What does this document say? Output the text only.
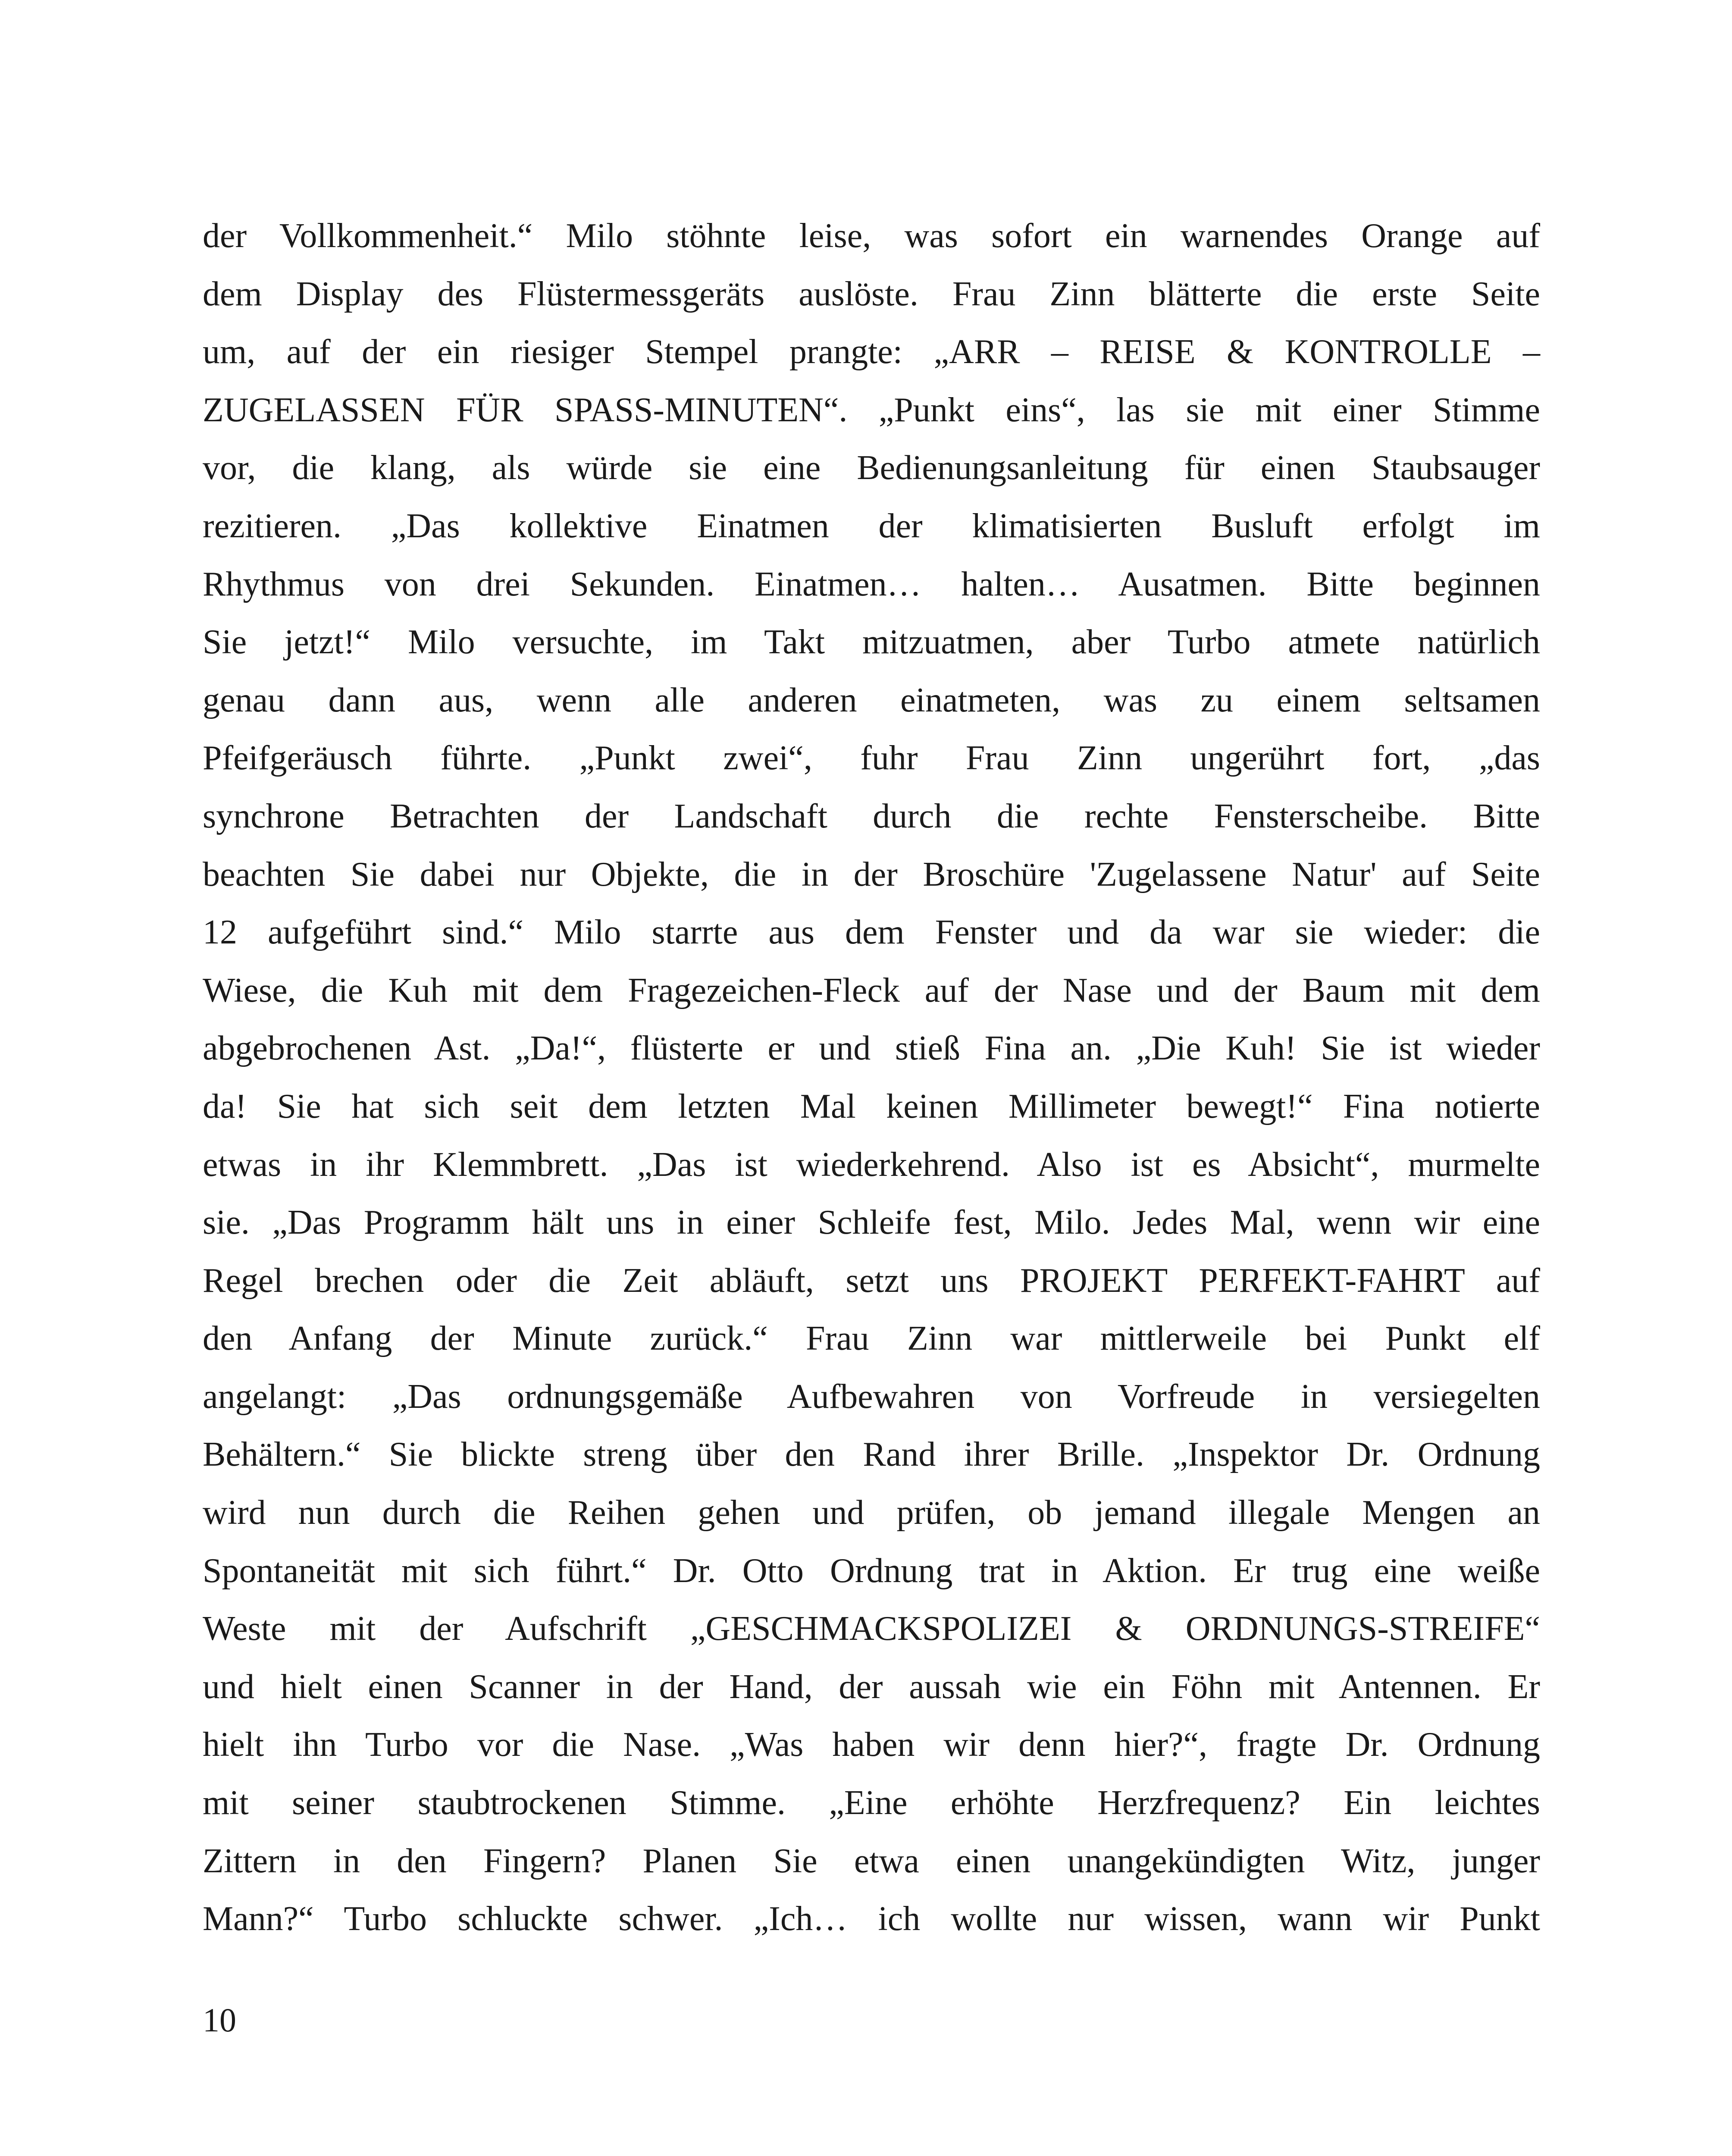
der Vollkommenheit.“ Milo stöhnte leise, was sofort ein warnendes Orange auf
dem Display des Flüstermessgeräts auslöste. Frau Zinn blätterte die erste Seite
um, auf der ein riesiger Stempel prangte: „ARR – REISE & KONTROLLE –
ZUGELASSEN FÜR SPASS-MINUTEN“. „Punkt eins“, las sie mit einer Stimme
vor, die klang, als würde sie eine Bedienungsanleitung für einen Staubsauger
rezitieren. „Das kollektive Einatmen der klimatisierten Busluft erfolgt im
Rhythmus von drei Sekunden. Einatmen… halten… Ausatmen. Bitte beginnen
Sie jetzt!“ Milo versuchte, im Takt mitzuatmen, aber Turbo atmete natürlich
genau dann aus, wenn alle anderen einatmeten, was zu einem seltsamen
Pfeifgeräusch führte. „Punkt zwei“, fuhr Frau Zinn ungerührt fort, „das
synchrone Betrachten der Landschaft durch die rechte Fensterscheibe. Bitte
beachten Sie dabei nur Objekte, die in der Broschüre 'Zugelassene Natur' auf Seite
12 aufgeführt sind.“ Milo starrte aus dem Fenster und da war sie wieder: die
Wiese, die Kuh mit dem Fragezeichen-Fleck auf der Nase und der Baum mit dem
abgebrochenen Ast. „Da!“, flüsterte er und stieß Fina an. „Die Kuh! Sie ist wieder
da! Sie hat sich seit dem letzten Mal keinen Millimeter bewegt!“ Fina notierte
etwas in ihr Klemmbrett. „Das ist wiederkehrend. Also ist es Absicht“, murmelte
sie. „Das Programm hält uns in einer Schleife fest, Milo. Jedes Mal, wenn wir eine
Regel brechen oder die Zeit abläuft, setzt uns PROJEKT PERFEKT-FAHRT auf
den Anfang der Minute zurück.“ Frau Zinn war mittlerweile bei Punkt elf
angelangt: „Das ordnungsgemäße Aufbewahren von Vorfreude in versiegelten
Behältern.“ Sie blickte streng über den Rand ihrer Brille. „Inspektor Dr. Ordnung
wird nun durch die Reihen gehen und prüfen, ob jemand illegale Mengen an
Spontaneität mit sich führt.“ Dr. Otto Ordnung trat in Aktion. Er trug eine weiße
Weste mit der Aufschrift „GESCHMACKSPOLIZEI & ORDNUNGS-STREIFE“
und hielt einen Scanner in der Hand, der aussah wie ein Föhn mit Antennen. Er
hielt ihn Turbo vor die Nase. „Was haben wir denn hier?“, fragte Dr. Ordnung
mit seiner staubtrockenen Stimme. „Eine erhöhte Herzfrequenz? Ein leichtes
Zittern in den Fingern? Planen Sie etwa einen unangekündigten Witz, junger
Mann?“ Turbo schluckte schwer. „Ich… ich wollte nur wissen, wann wir Punkt
10
